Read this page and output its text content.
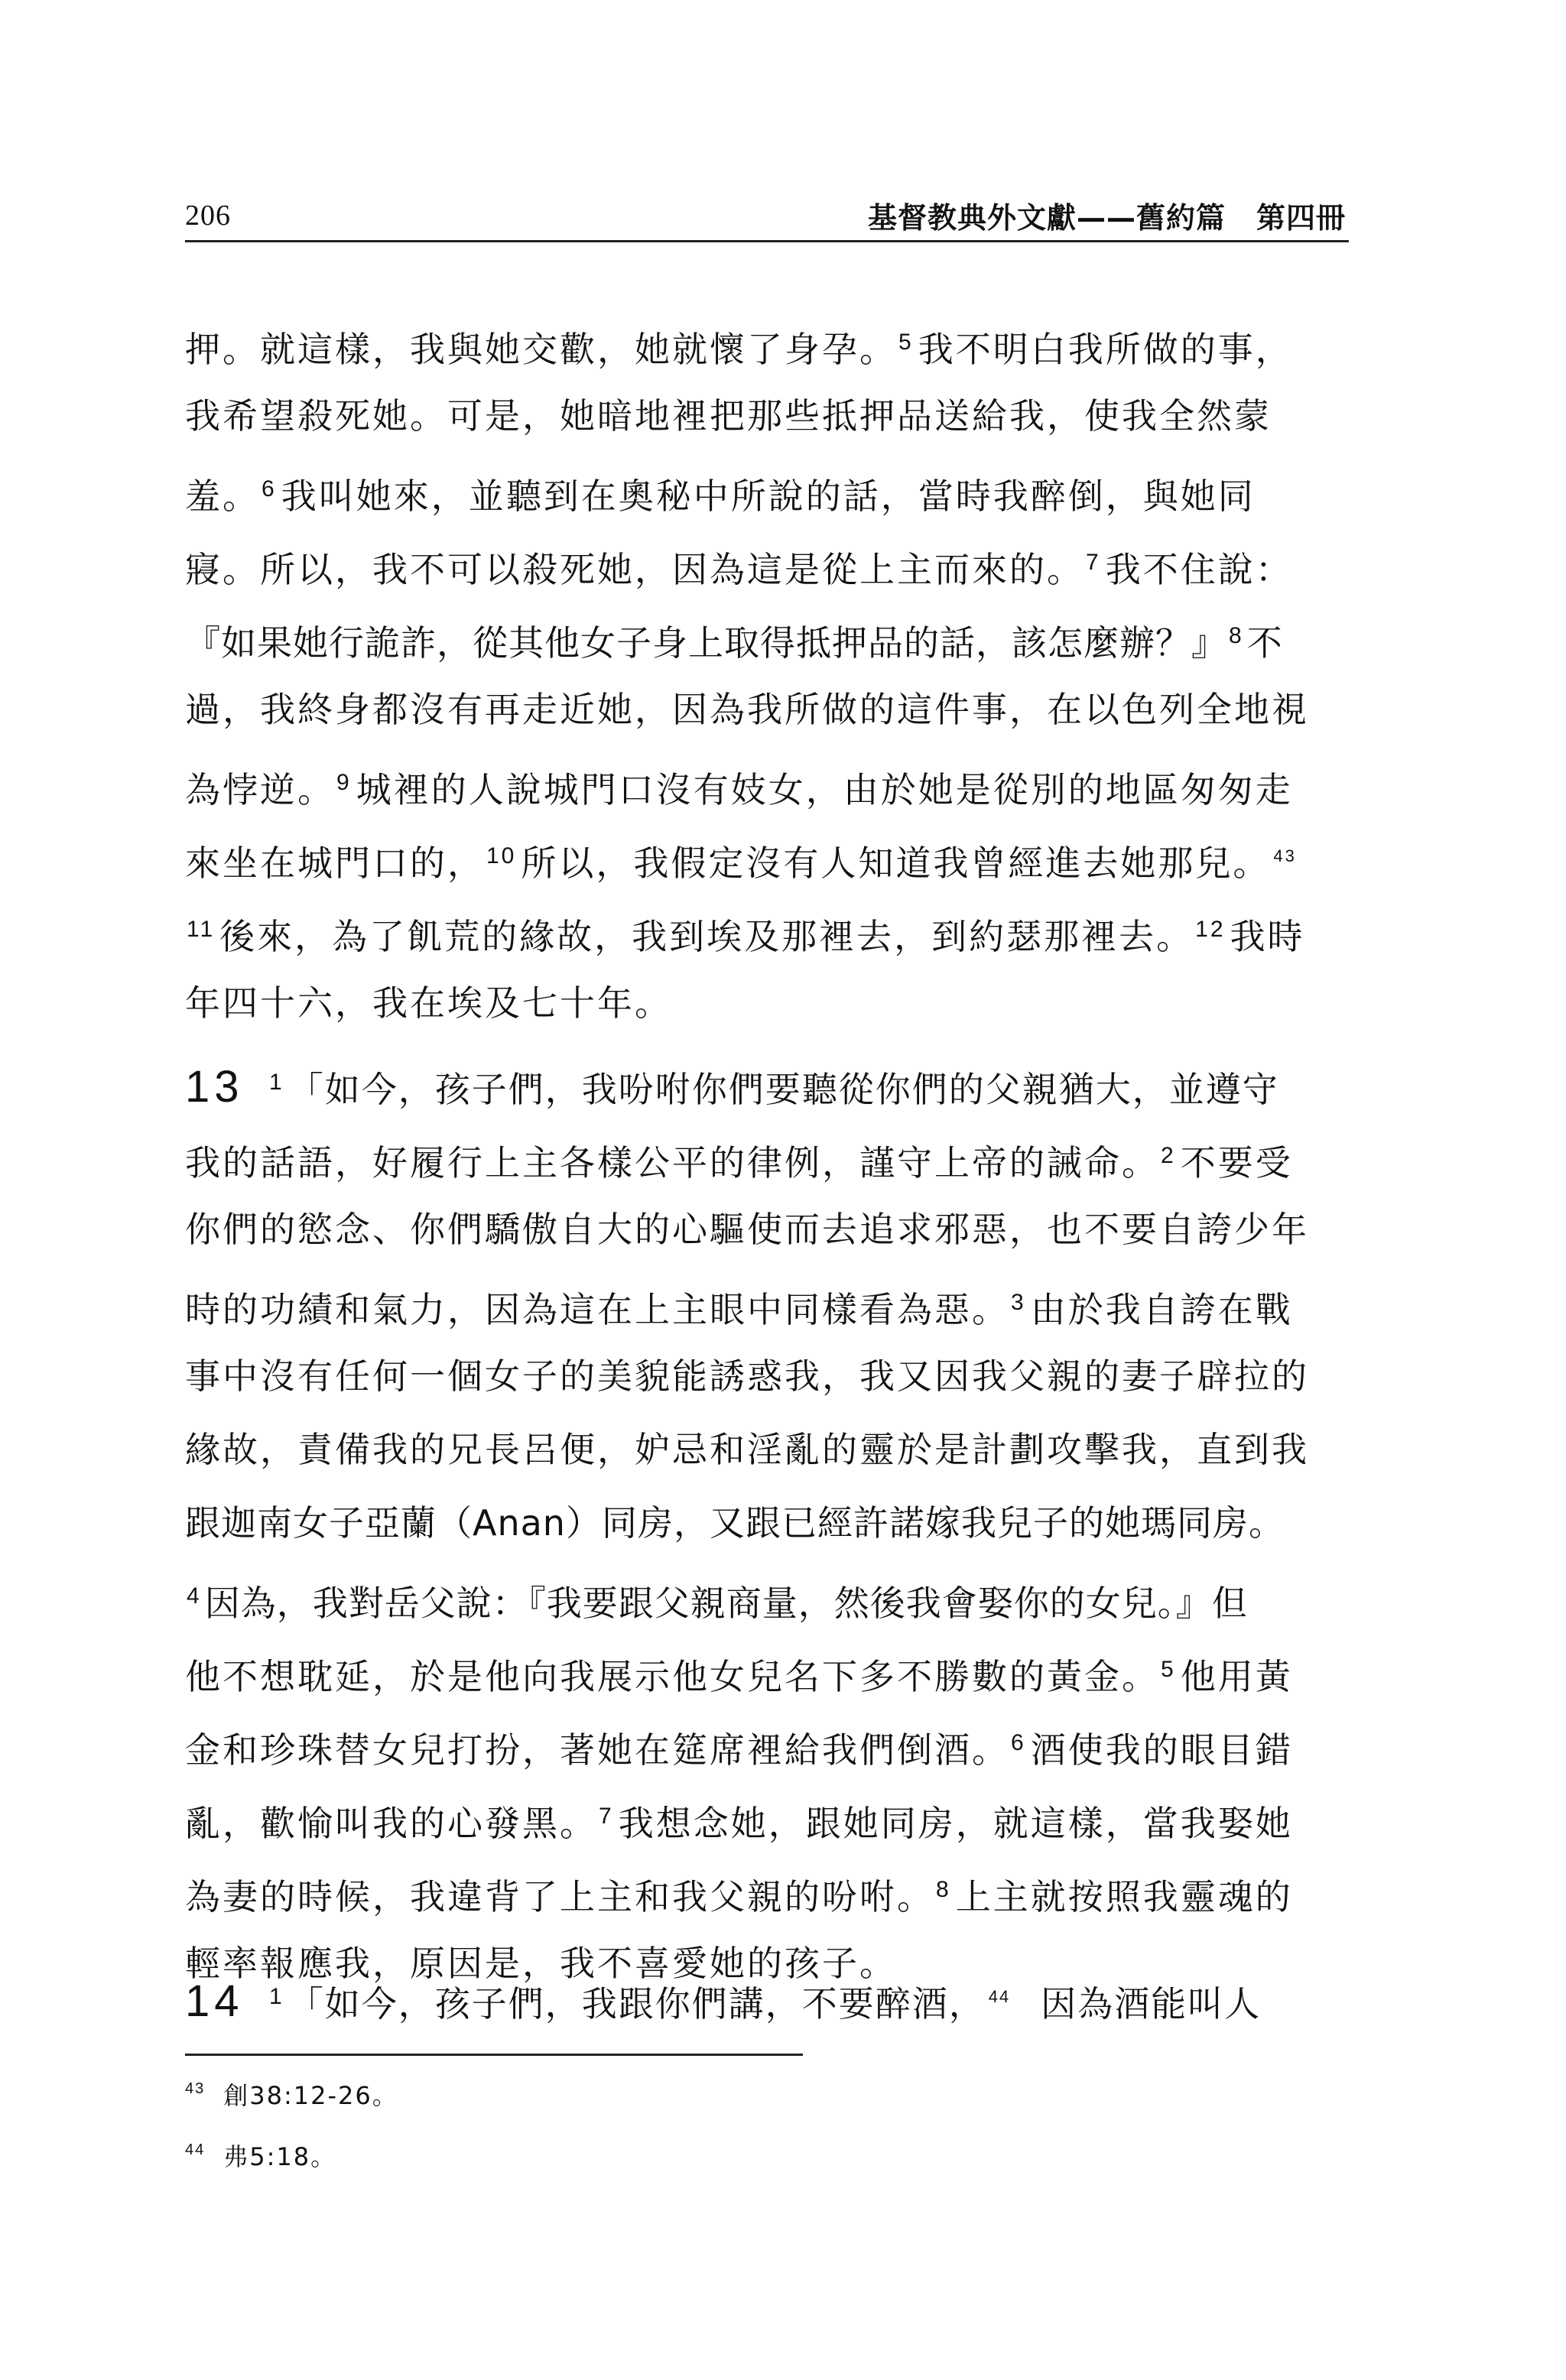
206	基督教典外文獻——舊約篇 第四冊
押。就這樣，我與她交歡，她就懷了身孕。$^5$ 我不明白我所做的事，
我希望殺死她。可是，她暗地裡把那些抵押品送給我，使我全然蒙
羞。$^6$ 我叫她來，並聽到在奧秘中所說的話，當時我醉倒，與她同
寢。所以，我不可以殺死她，因為這是從上主而來的。$^7$ 我不住說：
『如果她行詭詐，從其他女子身上取得抵押品的話，該怎麼辦？』$^8$ 不
過，我終身都沒有再走近她，因為我所做的這件事，在以色列全地視
為悖逆。$^9$ 城裡的人說城門口沒有妓女，由於她是從別的地區匆匆走
來坐在城門口的，$^{10}$ 所以，我假定沒有人知道我曾經進去她那兒。 $^{43}$
$^{11}$ 後來，為了飢荒的緣故，我到埃及那裡去，到約瑟那裡去。$^{12}$ 我時
年四十六，我在埃及七十年。
13 $^1$ 「如今，孩子們，我吩咐你們要聽從你們的父親猶大，並遵守
我的話語，好履行上主各樣公平的律例，謹守上帝的誡命。$^2$ 不要受
你們的慾念、你們驕傲自大的心驅使而去追求邪惡，也不要自誇少年
時的功績和氣力，因為這在上主眼中同樣看為惡。$^3$ 由於我自誇在戰
事中沒有任何一個女子的美貌能誘惑我，我又因我父親的妻子辟拉的
緣故，責備我的兄長呂便，妒忌和淫亂的靈於是計劃攻擊我，直到我
跟迦南女子亞蘭（Anan）同房，又跟已經許諾嫁我兒子的她瑪同房。
$^4$ 因為，我對岳父說：『我要跟父親商量，然後我會娶你的女兒。』但
他不想耽延，於是他向我展示他女兒名下多不勝數的黃金。$^5$ 他用黃
金和珍珠替女兒打扮，著她在筵席裡給我們倒酒。$^6$ 酒使我的眼目錯
亂，歡愉叫我的心發黑。$^7$ 我想念她，跟她同房，就這樣，當我娶她
為妻的時候，我違背了上主和我父親的吩咐。$^8$ 上主就按照我靈魂的
輕率報應我，原因是，我不喜愛她的孩子。
14 $^1$ 「如今，孩子們，我跟你們講，不要醉酒， $^{44}$ 因為酒能叫人
$^{43}$ 創38:12-26。
$^{44}$ 弗5:18。
